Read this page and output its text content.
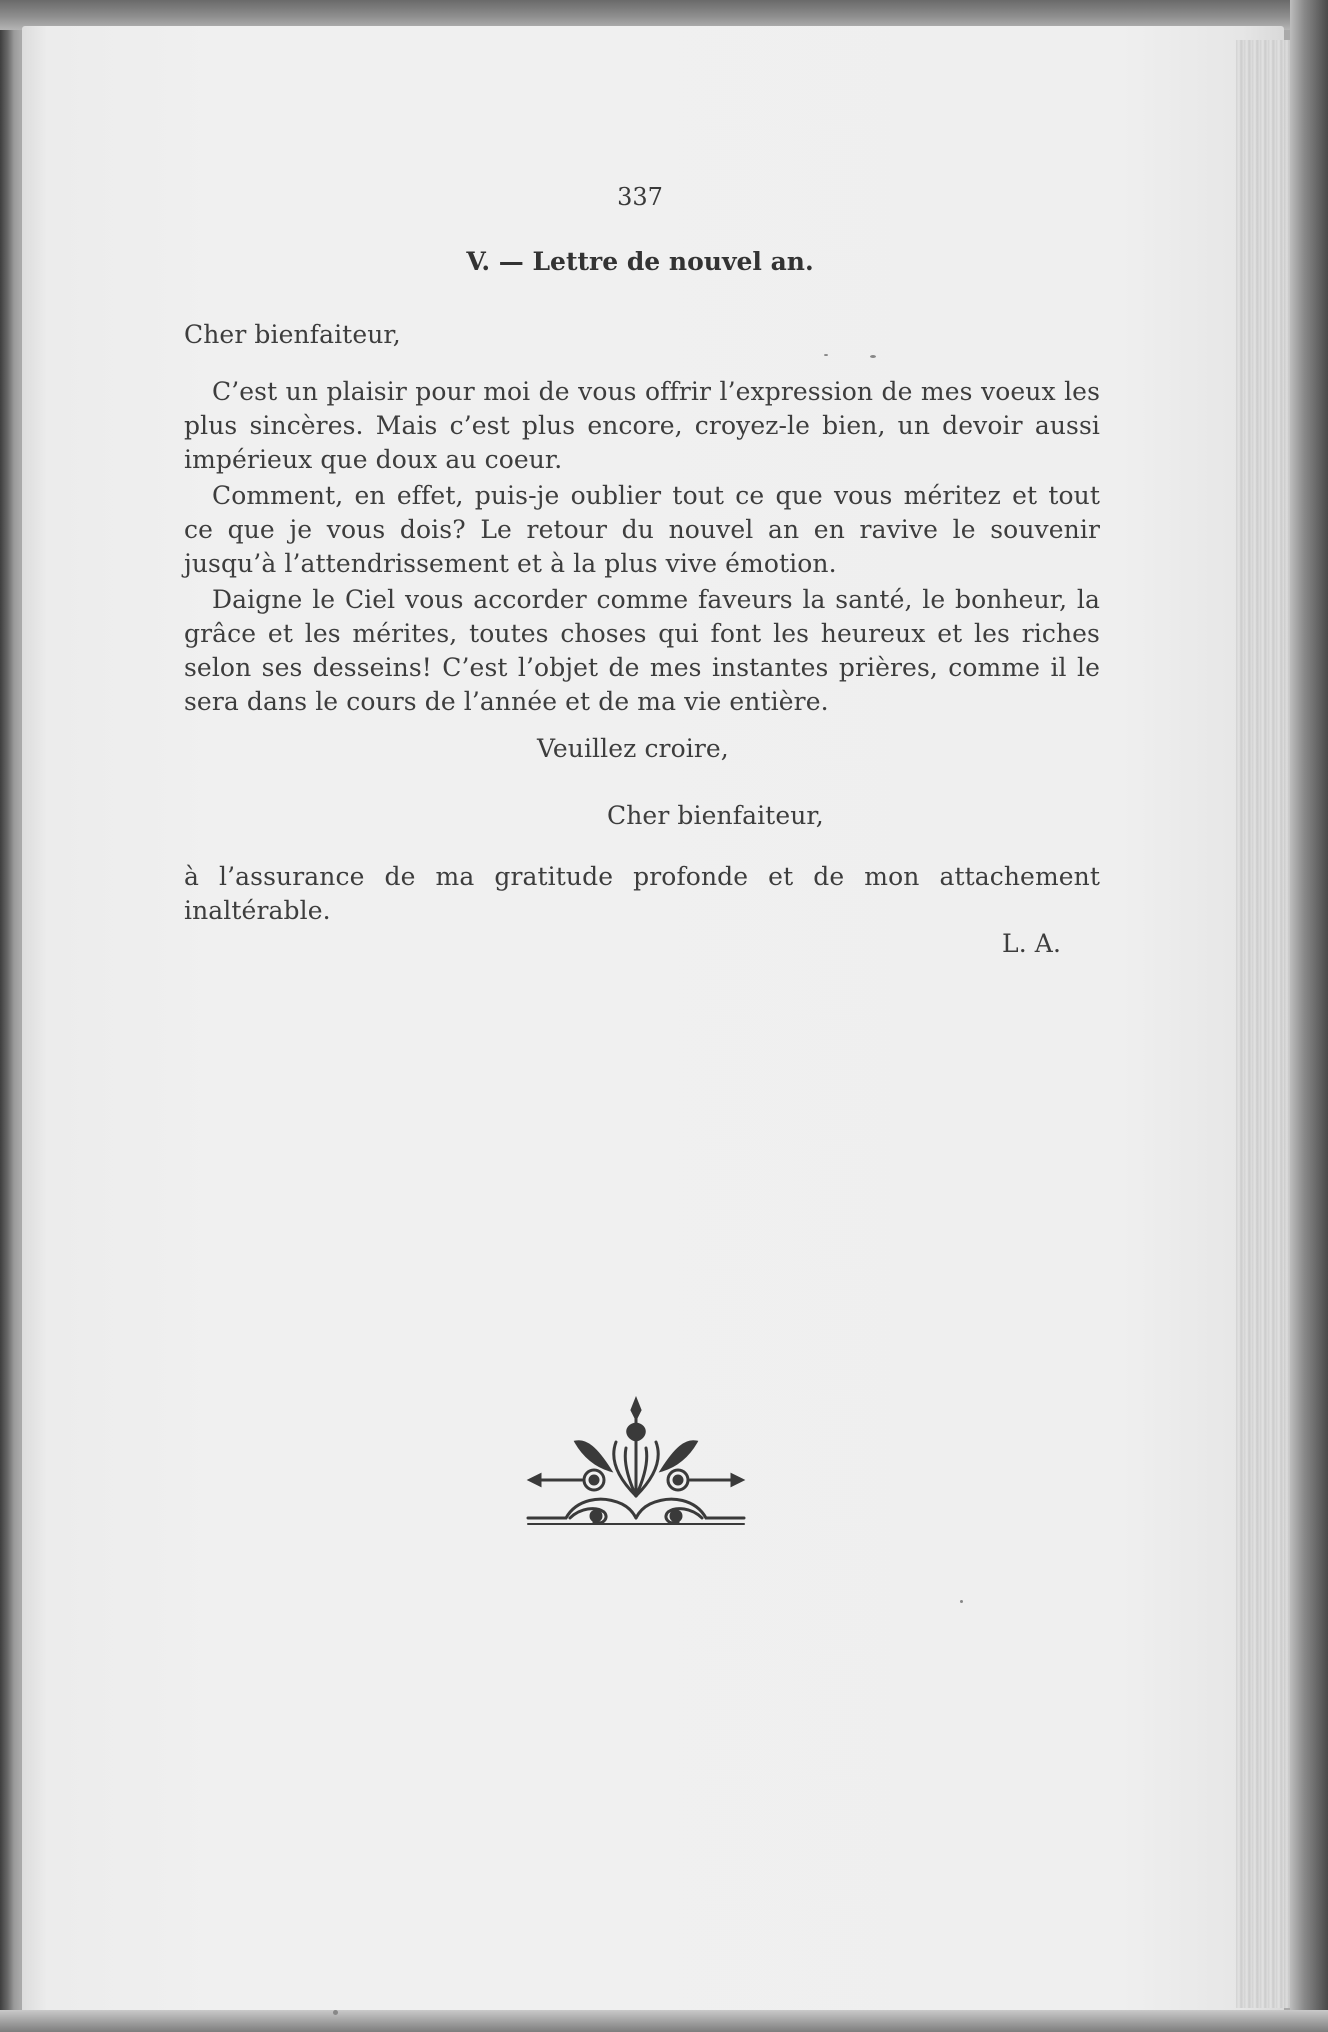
337
V. — Lettre de nouvel an.
Cher bienfaiteur,
C’est un plaisir pour moi de vous offrir l’expression de mes voeux les plus sincères. Mais c’est plus encore, croyez-le bien, un devoir aussi impérieux que doux au coeur.
Comment, en effet, puis-je oublier tout ce que vous méritez et tout ce que je vous dois? Le retour du nouvel an en ravive le souvenir jusqu’à l’attendrissement et à la plus vive émotion.
Daigne le Ciel vous accorder comme faveurs la santé, le bonheur, la grâce et les mérites, toutes choses qui font les heureux et les riches selon ses desseins! C’est l’objet de mes instantes prières, comme il le sera dans le cours de l’année et de ma vie entière.
Veuillez croire,
Cher bienfaiteur,
à l’assurance de ma gratitude profonde et de mon attachement inaltérable.
L. A.
